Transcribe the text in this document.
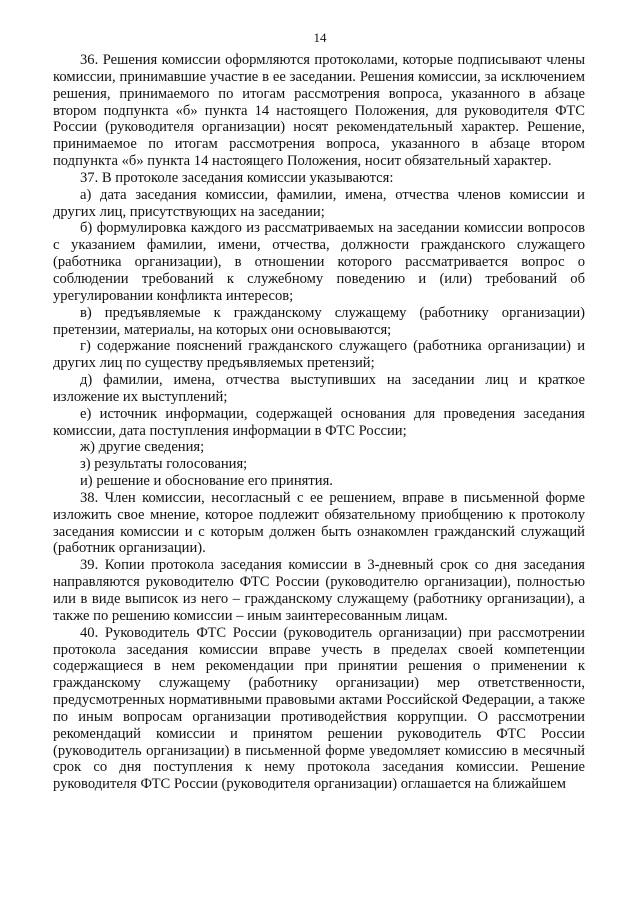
14

36. Решения комиссии оформляются протоколами, которые подписывают члены комиссии, принимавшие участие в ее заседании. Решения комиссии, за исключением решения, принимаемого по итогам рассмотрения вопроса, указанного в абзаце втором подпункта «б» пункта 14 настоящего Положения, для руководителя ФТС России (руководителя организации) носят рекомендательный характер. Решение, принимаемое по итогам рассмотрения вопроса, указанного в абзаце втором подпункта «б» пункта 14 настоящего Положения, носит обязательный характер.

37. В протоколе заседания комиссии указываются:

а) дата заседания комиссии, фамилии, имена, отчества членов комиссии и других лиц, присутствующих на заседании;

б) формулировка каждого из рассматриваемых на заседании комиссии вопросов с указанием фамилии, имени, отчества, должности гражданского служащего (работника организации), в отношении которого рассматривается вопрос о соблюдении требований к служебному поведению и (или) требований об урегулировании конфликта интересов;

в) предъявляемые к гражданскому служащему (работнику организации) претензии, материалы, на которых они основываются;

г) содержание пояснений гражданского служащего (работника организации) и других лиц по существу предъявляемых претензий;

д) фамилии, имена, отчества выступивших на заседании лиц и краткое изложение их выступлений;

е) источник информации, содержащей основания для проведения заседания комиссии, дата поступления информации в ФТС России;

ж) другие сведения;

з) результаты голосования;

и) решение и обоснование его принятия.

38. Член комиссии, несогласный с ее решением, вправе в письменной форме изложить свое мнение, которое подлежит обязательному приобщению к протоколу заседания комиссии и с которым должен быть ознакомлен гражданский служащий (работник организации).

39. Копии протокола заседания комиссии в 3-дневный срок со дня заседания направляются руководителю ФТС России (руководителю организации), полностью или в виде выписок из него – гражданскому служащему (работнику организации), а также по решению комиссии – иным заинтересованным лицам.

40. Руководитель ФТС России (руководитель организации) при рассмотрении протокола заседания комиссии вправе учесть в пределах своей компетенции содержащиеся в нем рекомендации при принятии решения о применении к гражданскому служащему (работнику организации) мер ответственности, предусмотренных нормативными правовыми актами Российской Федерации, а также по иным вопросам организации противодействия коррупции. О рассмотрении рекомендаций комиссии и принятом решении руководитель ФТС России (руководитель организации) в письменной форме уведомляет комиссию в месячный срок со дня поступления к нему протокола заседания комиссии. Решение руководителя ФТС России (руководителя организации) оглашается на ближайшем
